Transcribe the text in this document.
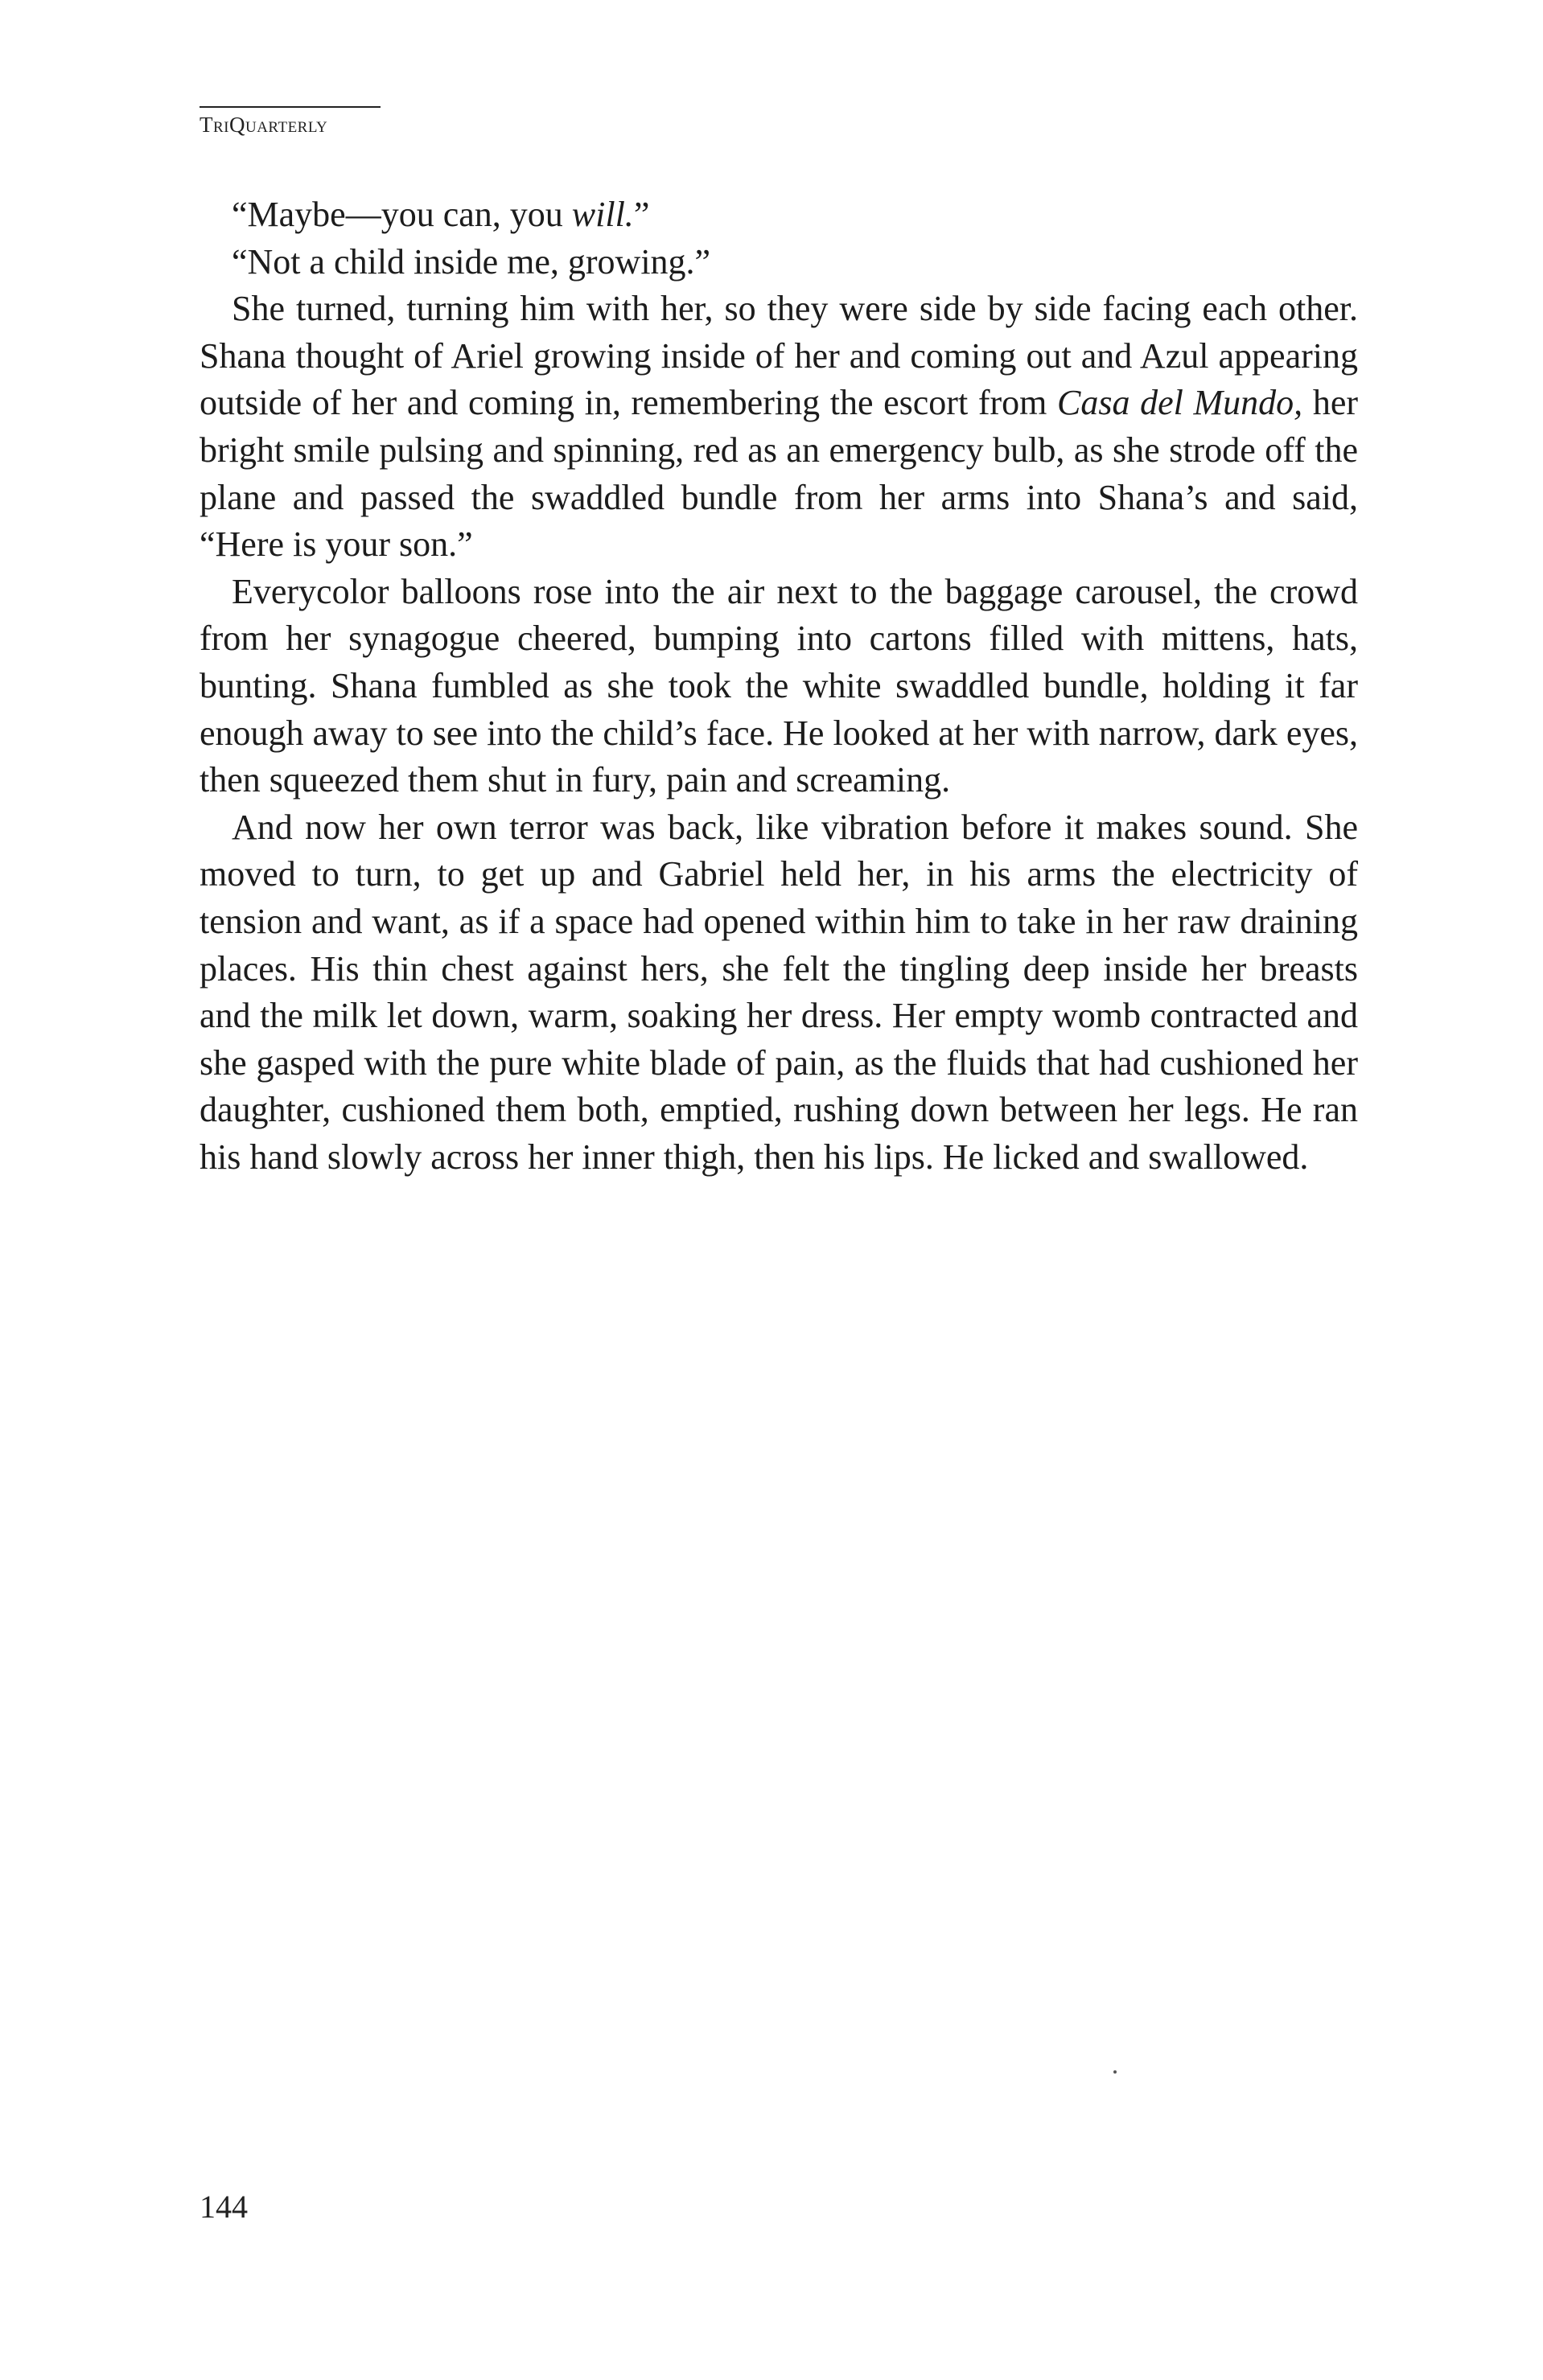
TriQuarterly

“Maybe—you can, you will.”

“Not a child inside me, growing.”

She turned, turning him with her, so they were side by side facing each other. Shana thought of Ariel growing inside of her and coming out and Azul appearing outside of her and coming in, remembering the escort from Casa del Mundo, her bright smile pulsing and spinning, red as an emergency bulb, as she strode off the plane and passed the swaddled bundle from her arms into Shana’s and said, “Here is your son.”

Everycolor balloons rose into the air next to the baggage carousel, the crowd from her synagogue cheered, bumping into cartons filled with mittens, hats, bunting. Shana fumbled as she took the white swaddled bundle, holding it far enough away to see into the child’s face. He looked at her with narrow, dark eyes, then squeezed them shut in fury, pain and screaming.

And now her own terror was back, like vibration before it makes sound. She moved to turn, to get up and Gabriel held her, in his arms the electricity of tension and want, as if a space had opened within him to take in her raw draining places. His thin chest against hers, she felt the tingling deep inside her breasts and the milk let down, warm, soaking her dress. Her empty womb contracted and she gasped with the pure white blade of pain, as the fluids that had cushioned her daughter, cushioned them both, emptied, rushing down between her legs. He ran his hand slowly across her inner thigh, then his lips. He licked and swallowed.

144
